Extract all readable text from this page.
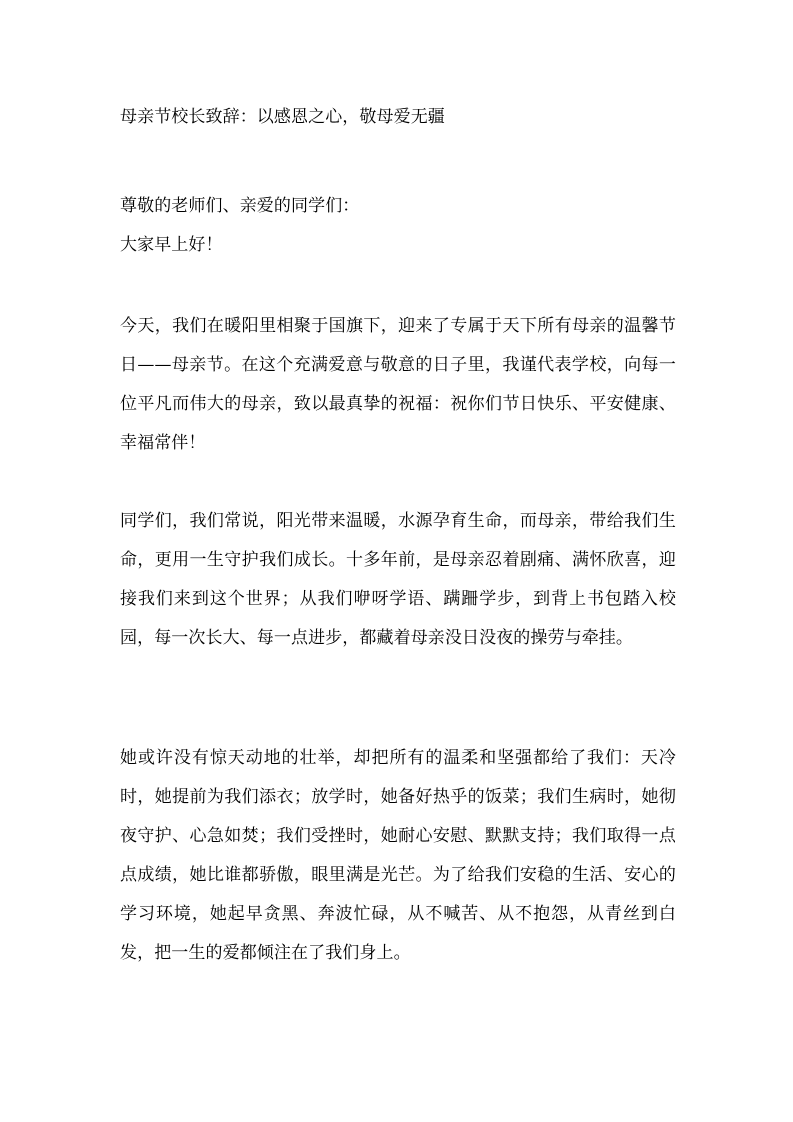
母亲节校长致辞：以感恩之心，敬母爱无疆

尊敬的老师们、亲爱的同学们：

大家早上好！

今天，我们在暖阳里相聚于国旗下，迎来了专属于天下所有母亲的温馨节日——母亲节。在这个充满爱意与敬意的日子里，我谨代表学校，向每一位平凡而伟大的母亲，致以最真挚的祝福：祝你们节日快乐、平安健康、幸福常伴！

同学们，我们常说，阳光带来温暖，水源孕育生命，而母亲，带给我们生命，更用一生守护我们成长。十多年前，是母亲忍着剧痛、满怀欣喜，迎接我们来到这个世界；从我们咿呀学语、蹒跚学步，到背上书包踏入校园，每一次长大、每一点进步，都藏着母亲没日没夜的操劳与牵挂。

她或许没有惊天动地的壮举，却把所有的温柔和坚强都给了我们：天冷时，她提前为我们添衣；放学时，她备好热乎的饭菜；我们生病时，她彻夜守护、心急如焚；我们受挫时，她耐心安慰、默默支持；我们取得一点点成绩，她比谁都骄傲，眼里满是光芒。为了给我们安稳的生活、安心的学习环境，她起早贪黑、奔波忙碌，从不喊苦、从不抱怨，从青丝到白发，把一生的爱都倾注在了我们身上。
